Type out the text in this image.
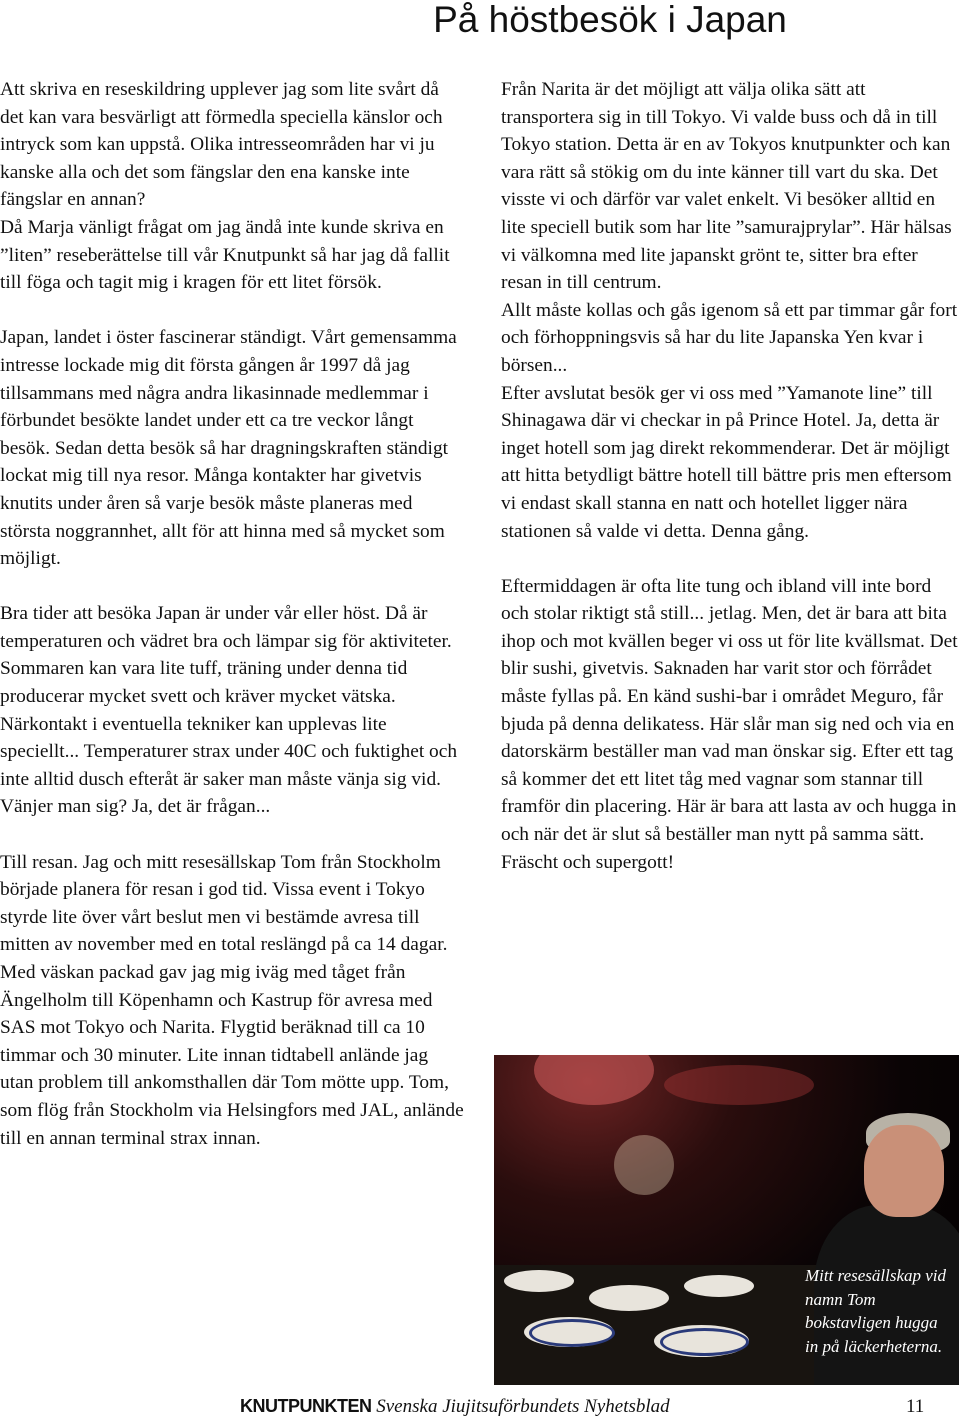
På höstbesök i Japan

Att skriva en reseskildring upplever jag som lite svårt då det kan vara besvärligt att förmedla speciella känslor och intryck som kan uppstå. Olika intresseområden har vi ju kanske alla och det som fängslar den ena kanske inte fängslar en annan?

Då Marja vänligt frågat om jag ändå inte kunde skriva en ”liten” reseberättelse till vår Knutpunkt så har jag då fallit till föga och tagit mig i kragen för ett litet försök.

Japan, landet i öster fascinerar ständigt. Vårt gemensamma intresse lockade mig dit första gången år 1997 då jag tillsammans med några andra likasinnade medlemmar i förbundet besökte landet under ett ca tre veckor långt besök. Sedan detta besök så har dragningskraften ständigt lockat mig till nya resor. Många kontakter har givetvis knutits under åren så varje besök måste planeras med största noggrannhet, allt för att hinna med så mycket som möjligt.

Bra tider att besöka Japan är under vår eller höst. Då är temperaturen och vädret bra och lämpar sig för aktiviteter. Sommaren kan vara lite tuff, träning under denna tid producerar mycket svett och kräver mycket vätska. Närkontakt i eventuella tekniker kan upplevas lite speciellt... Temperaturer strax under 40C och fuktighet och inte alltid dusch efteråt är saker man måste vänja sig vid. Vänjer man sig? Ja, det är frågan...

Till resan. Jag och mitt resesällskap Tom från Stockholm började planera för resan i god tid. Vissa event i Tokyo styrde lite över vårt beslut men vi bestämde avresa till mitten av november med en total reslängd på ca 14 dagar.

Med väskan packad gav jag mig iväg med tåget från Ängelholm till Köpenhamn och Kastrup för avresa med SAS mot Tokyo och Narita. Flygtid beräknad till ca 10 timmar och 30 minuter. Lite innan tidtabell anlände jag utan problem till ankomsthallen där Tom mötte upp. Tom, som flög från Stockholm via Helsingfors med JAL, anlände till en annan terminal strax innan.

Från Narita är det möjligt att välja olika sätt att transportera sig in till Tokyo. Vi valde buss och då in till Tokyo station. Detta är en av Tokyos knutpunkter och kan vara rätt så stökig om du inte känner till vart du ska. Det visste vi och därför var valet enkelt. Vi besöker alltid en lite speciell butik som har lite ”samurajprylar”. Här hälsas vi välkomna med lite japanskt grönt te, sitter bra efter resan in till centrum.

Allt måste kollas och gås igenom så ett par timmar går fort och förhoppningsvis så har du lite Japanska Yen kvar i börsen...

Efter avslutat besök ger vi oss med ”Yamanote line” till Shinagawa där vi checkar in på Prince Hotel. Ja, detta är inget hotell som jag direkt rekommenderar. Det är möjligt att hitta betydligt bättre hotell till bättre pris men eftersom vi endast skall stanna en natt och hotellet ligger nära stationen så valde vi detta. Denna gång.

Eftermiddagen är ofta lite tung och ibland vill inte bord och stolar riktigt stå still... jetlag. Men, det är bara att bita ihop och mot kvällen beger vi oss ut för lite kvällsmat. Det blir sushi, givetvis. Saknaden har varit stor och förrådet måste fyllas på. En känd sushi-bar i området Meguro, får bjuda på denna delikatess. Här slår man sig ned och via en datorskärm beställer man vad man önskar sig. Efter ett tag så kommer det ett litet tåg med vagnar som stannar till framför din placering. Här är bara att lasta av och hugga in och när det är slut så beställer man nytt på samma sätt. Fräscht och supergott!

Mitt resesällskap vid namn Tom bokstavligen hugga in på läckerheterna.
KNUTPUNKTEN Svenska Jiujitsuförbundets Nyhetsblad	11
